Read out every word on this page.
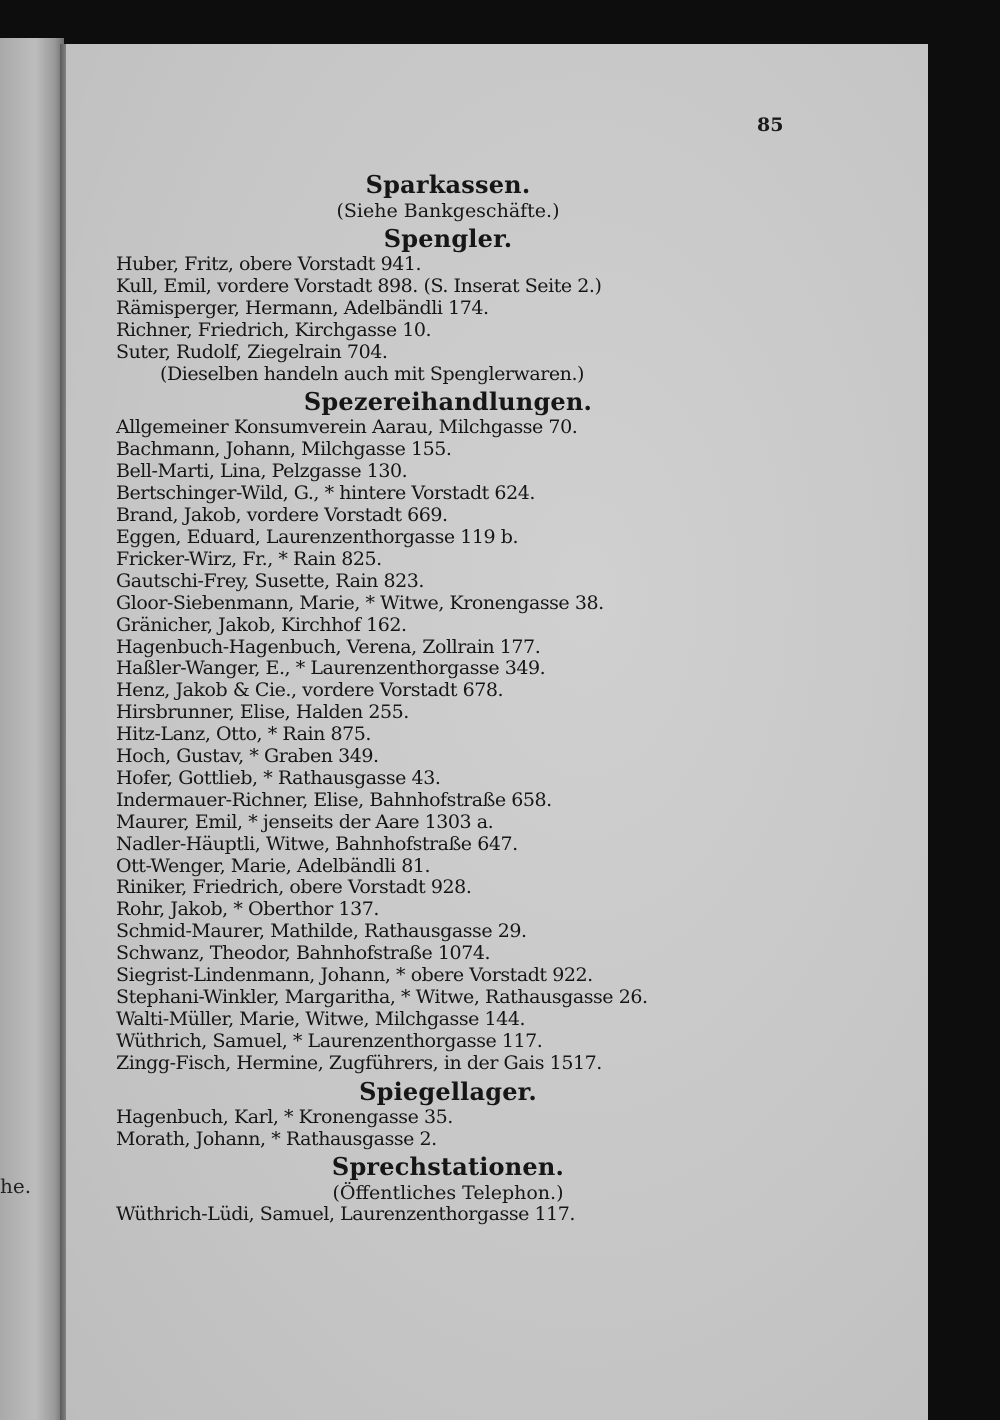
he.
85
Sparkassen.
(Siehe Bankgeschäfte.)
Spengler.
Huber, Fritz, obere Vorstadt 941.
Kull, Emil, vordere Vorstadt 898. (S. Inserat Seite 2.)
Rämisperger, Hermann, Adelbändli 174.
Richner, Friedrich, Kirchgasse 10.
Suter, Rudolf, Ziegelrain 704.
(Dieselben handeln auch mit Spenglerwaren.)
Spezereihandlungen.
Allgemeiner Konsumverein Aarau, Milchgasse 70.
Bachmann, Johann, Milchgasse 155.
Bell-Marti, Lina, Pelzgasse 130.
Bertschinger-Wild, G., * hintere Vorstadt 624.
Brand, Jakob, vordere Vorstadt 669.
Eggen, Eduard, Laurenzenthorgasse 119 b.
Fricker-Wirz, Fr., * Rain 825.
Gautschi-Frey, Susette, Rain 823.
Gloor-Siebenmann, Marie, * Witwe, Kronengasse 38.
Gränicher, Jakob, Kirchhof 162.
Hagenbuch-Hagenbuch, Verena, Zollrain 177.
Haßler-Wanger, E., * Laurenzenthorgasse 349.
Henz, Jakob & Cie., vordere Vorstadt 678.
Hirsbrunner, Elise, Halden 255.
Hitz-Lanz, Otto, * Rain 875.
Hoch, Gustav, * Graben 349.
Hofer, Gottlieb, * Rathausgasse 43.
Indermauer-Richner, Elise, Bahnhofstraße 658.
Maurer, Emil, * jenseits der Aare 1303 a.
Nadler-Häuptli, Witwe, Bahnhofstraße 647.
Ott-Wenger, Marie, Adelbändli 81.
Riniker, Friedrich, obere Vorstadt 928.
Rohr, Jakob, * Oberthor 137.
Schmid-Maurer, Mathilde, Rathausgasse 29.
Schwanz, Theodor, Bahnhofstraße 1074.
Siegrist-Lindenmann, Johann, * obere Vorstadt 922.
Stephani-Winkler, Margaritha, * Witwe, Rathausgasse 26.
Walti-Müller, Marie, Witwe, Milchgasse 144.
Wüthrich, Samuel, * Laurenzenthorgasse 117.
Zingg-Fisch, Hermine, Zugführers, in der Gais 1517.
Spiegellager.
Hagenbuch, Karl, * Kronengasse 35.
Morath, Johann, * Rathausgasse 2.
Sprechstationen.
(Öffentliches Telephon.)
Wüthrich-Lüdi, Samuel, Laurenzenthorgasse 117.
